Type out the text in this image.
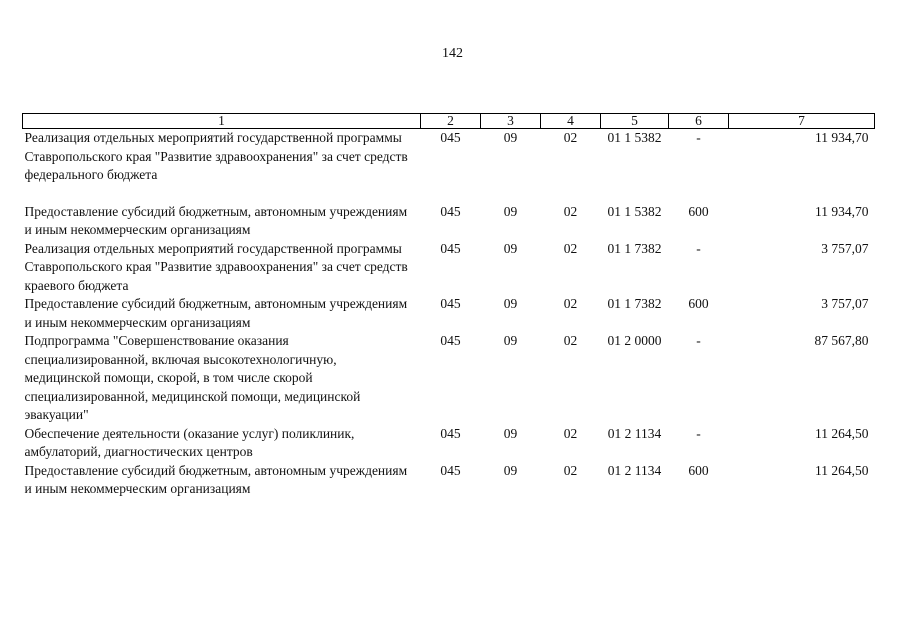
142
1	2	3	4	5	6	7
Реализация отдельных мероприятий государственной программы Ставропольского края "Развитие здравоохранения" за счет средств федерального бюджета	045	09	02	01 1 5382	-	11 934,70
Предоставление субсидий бюджетным, автономным учреждениям и иным некоммерческим организациям	045	09	02	01 1 5382	600	11 934,70
Реализация отдельных мероприятий государственной программы Ставропольского края "Развитие здравоохранения" за счет средств краевого бюджета	045	09	02	01 1 7382	-	3 757,07
Предоставление субсидий бюджетным, автономным учреждениям и иным некоммерческим организациям	045	09	02	01 1 7382	600	3 757,07
Подпрограмма "Совершенствование оказания специализированной, включая высокотехнологичную, медицинской помощи, скорой, в том числе скорой специализированной, медицинской помощи, медицинской эвакуации"	045	09	02	01 2 0000	-	87 567,80
Обеспечение деятельности (оказание услуг) поликлиник, амбулаторий, диагностических центров	045	09	02	01 2 1134	-	11 264,50
Предоставление субсидий бюджетным, автономным учреждениям и иным некоммерческим организациям	045	09	02	01 2 1134	600	11 264,50
